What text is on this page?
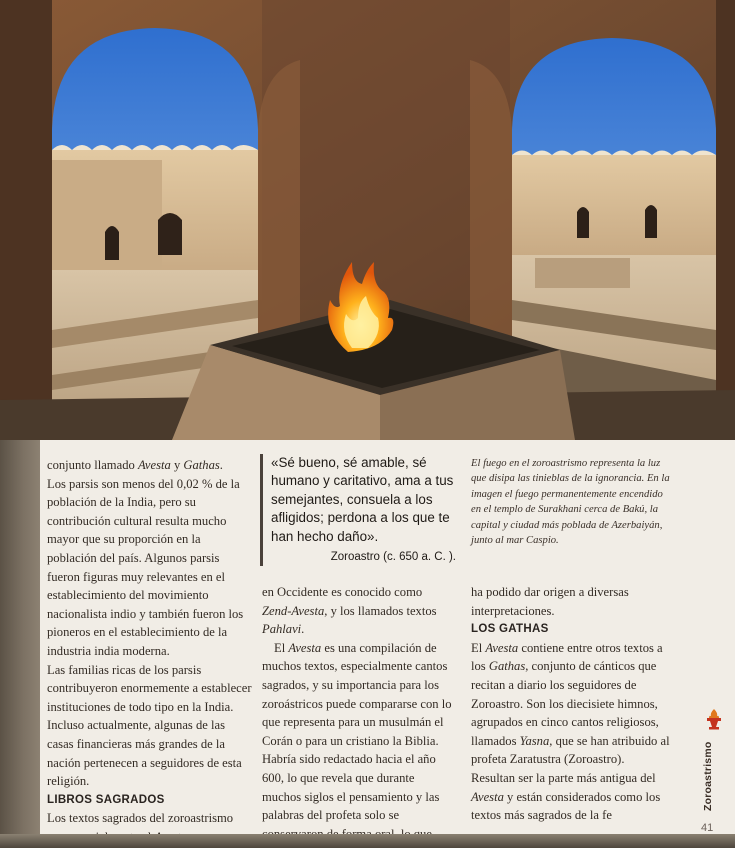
conjunto llamado Avesta y Gathas.

Los parsis son menos del 0,02 % de la población de la India, pero su contribución cultural resulta mucho mayor que su proporción en la población del país. Algunos parsis fueron figuras muy relevantes en el establecimiento del movimiento nacionalista indio y también fueron los pioneros en el establecimiento de la industria india moderna.

Las familias ricas de los parsis contribuyeron enormemente a establecer instituciones de todo tipo en la India. Incluso actualmente, algunas de las casas financieras más grandes de la nación pertenecen a seguidores de esta religión.

LIBROS SAGRADOS

Los textos sagrados del zoroastrismo

«Sé bueno, sé amable, sé humano y caritativo, ama a tus semejantes, consuela a los afligidos; perdona a los que te han hecho daño».
Zoroastro (c. 650 a. C. ).
El fuego en el zoroastrismo representa la luz que disipa las tinieblas de la ignorancia. En la imagen el fuego permanentemente encendido en el templo de Surakhani cerca de Bakú, la capital y ciudad más poblada de Azerbaiyán, junto al mar Caspio.

en Occidente es conocido como Zend-Avesta, y los llamados textos Pahlavi.

El Avesta es una compilación de muchos textos, especialmente cantos sagrados, y su importancia para los zoroástricos puede compararse con lo que representa para un musulmán el Corán o para un cristiano la Biblia. Habría sido redactado hacia el año 600, lo que revela que durante muchos siglos el pensamiento y las palabras del profeta solo se

ha podido dar origen a diversas interpretaciones.

LOS GATHAS

El Avesta contiene entre otros textos a los Gathas, conjunto de cánticos que recitan a diario los seguidores de Zoroastro. Son los diecisiete himnos, agrupados en cinco cantos religiosos, llamados Yasna, que se han atribuido al profeta Zaratustra (Zoroastro). Resultan ser la parte más antigua del Avesta y están considerados como los textos más sagrados de la fe

Zoroastrismo
41
